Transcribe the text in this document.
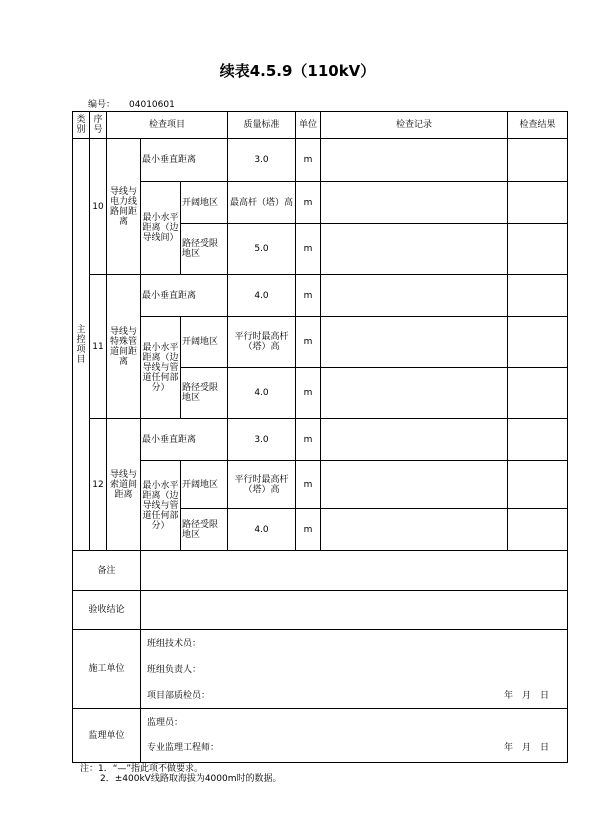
续表4.5.9（110kV）
编号： 04010601
类别	序号	检查项目			质量标准	单位	检查记录	检查结果
主控项目	10	导线与电力线路间距离	最小垂直距离		3.0	m		
			最小水平距离（边导线间）	开阔地区	最高杆（塔）高	m		
				路径受限地区	5.0	m		
	11	导线与特殊管道间距离	最小垂直距离		4.0	m		
			最小水平距离（边导线与管道任何部分）	开阔地区	平行时最高杆（塔）高	m		
				路径受限地区	4.0	m		
	12	导线与索道间距离	最小垂直距离		3.0	m		
			最小水平距离（边导线与管道任何部分）	开阔地区	平行时最高杆（塔）高	m		
				路径受限地区	4.0	m		
备注								
验收结论								
施工单位			班组技术员：
班组负责人：
项目部质检员： 年　月　日					

监理单位			监理员：
专业监理工程师： 年　月　日					
注：1．“—”指此项不做要求。
2．±400kV线路取海拔为4000m时的数据。
